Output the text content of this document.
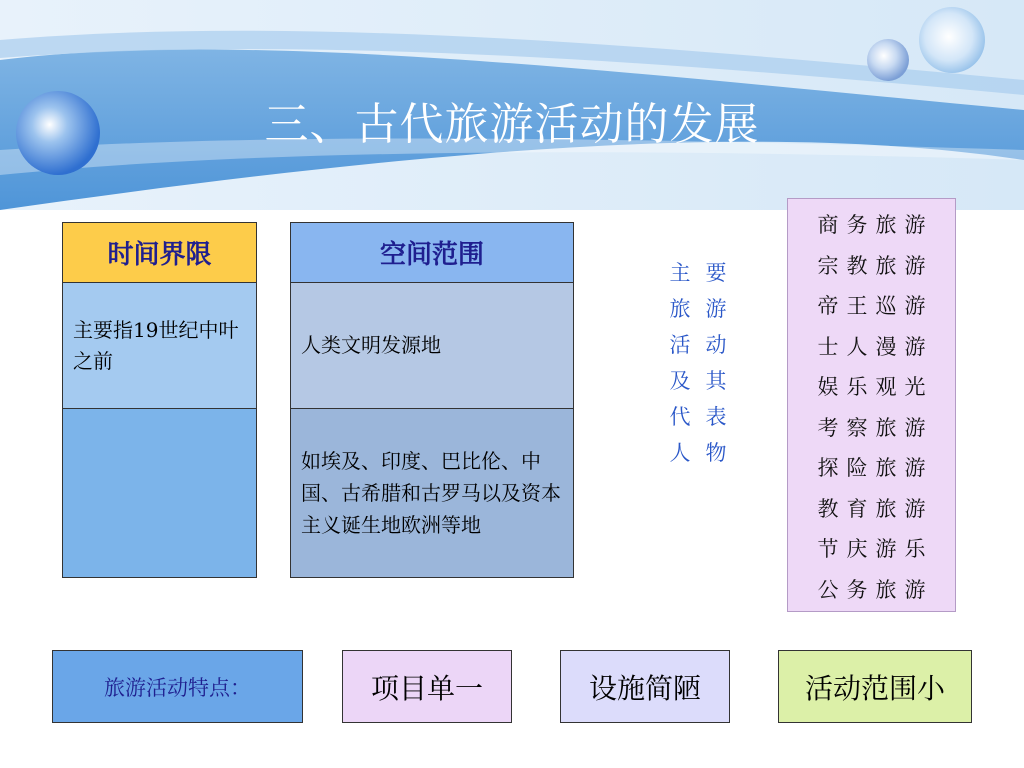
三、古代旅游活动的发展
时间界限
主要指19世纪中叶之前
空间范围
人类文明发源地
如埃及、印度、巴比伦、中国、古希腊和古罗马以及资本主义诞生地欧洲等地
主 要
旅 游
活 动
及 其
代 表
人 物
商务旅游
宗教旅游
帝王巡游
士人漫游
娱乐观光
考察旅游
探险旅游
教育旅游
节庆游乐
公务旅游
旅游活动特点：	项目单一	设施简陋	活动范围小
